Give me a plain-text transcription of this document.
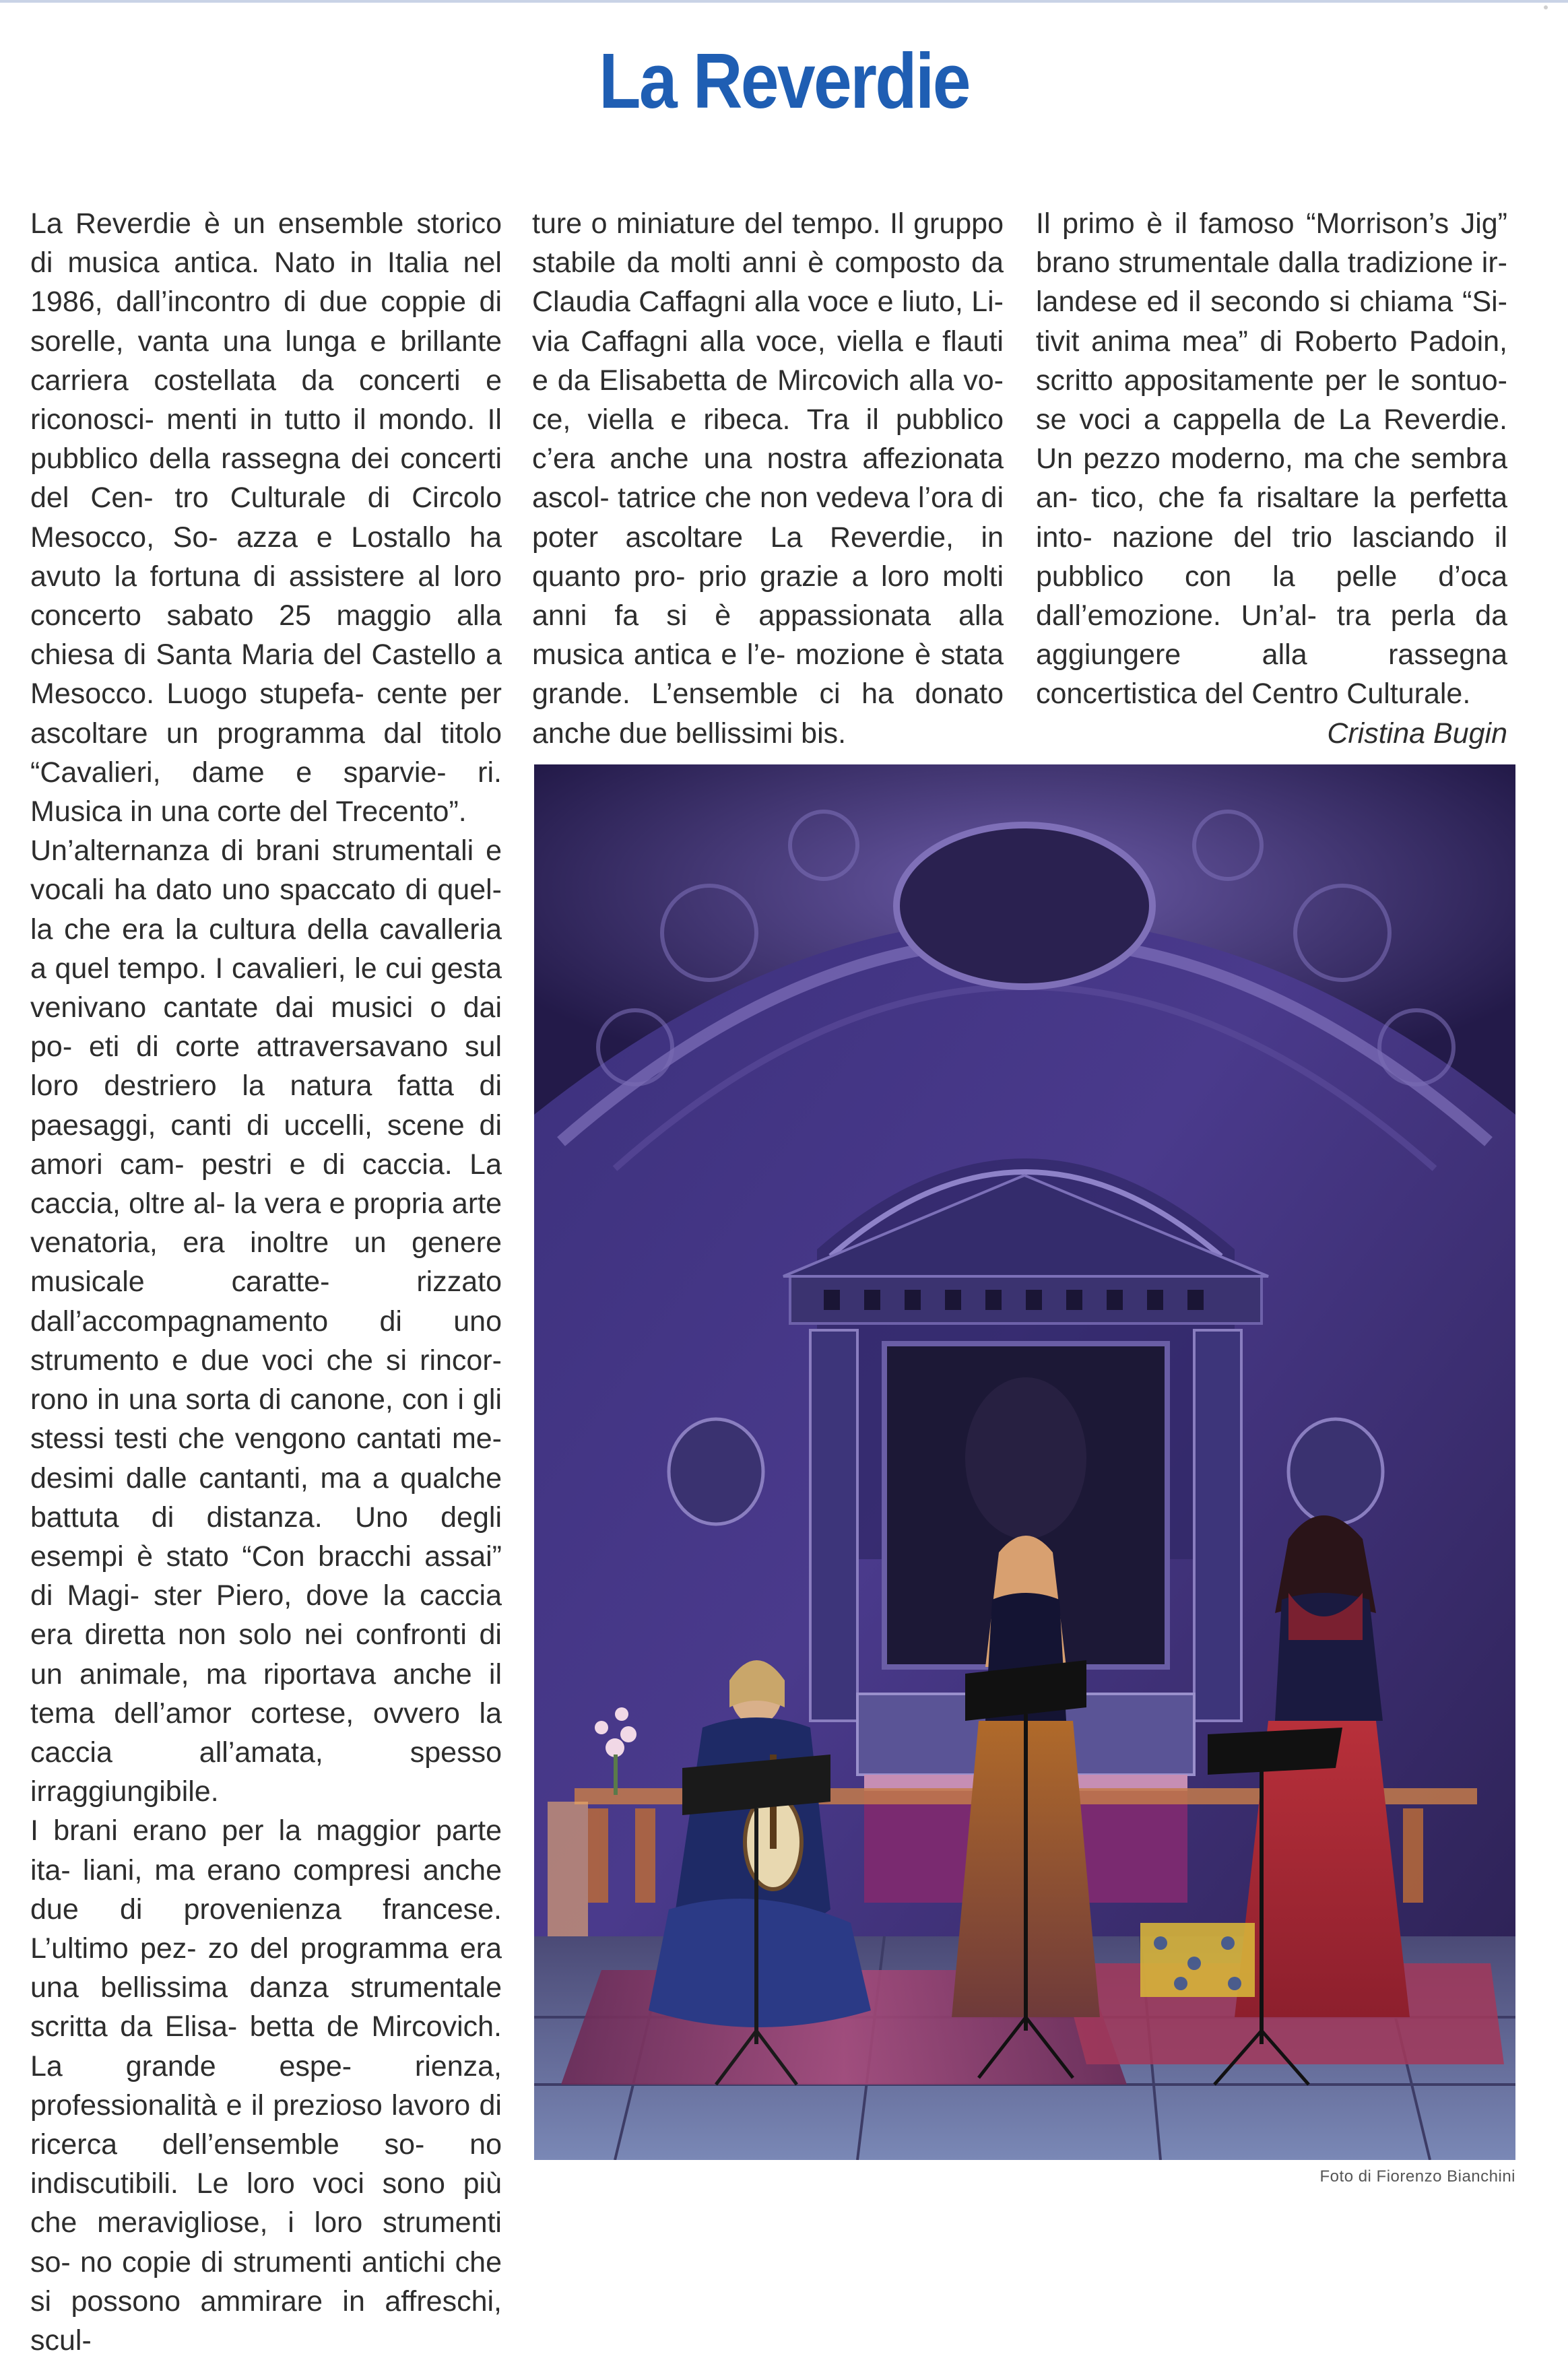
La Reverdie

La Reverdie è un ensemble storico di musica antica. Nato in Italia nel 1986, dall’incontro di due coppie di sorelle, vanta una lunga e brillante carriera costellata da concerti e riconosci- menti in tutto il mondo. Il pubblico della rassegna dei concerti del Cen- tro Culturale di Circolo Mesocco, So- azza e Lostallo ha avuto la fortuna di assistere al loro concerto sabato 25 maggio alla chiesa di Santa Maria del Castello a Mesocco. Luogo stupefa- cente per ascoltare un programma dal titolo “Cavalieri, dame e sparvie- ri. Musica in una corte del Trecento”.

Un’alternanza di brani strumentali e vocali ha dato uno spaccato di quel- la che era la cultura della cavalleria a quel tempo. I cavalieri, le cui gesta venivano cantate dai musici o dai po- eti di corte attraversavano sul loro destriero la natura fatta di paesaggi, canti di uccelli, scene di amori cam- pestri e di caccia. La caccia, oltre al- la vera e propria arte venatoria, era inoltre un genere musicale caratte- rizzato dall’accompagnamento di uno strumento e due voci che si rincor- rono in una sorta di canone, con i gli stessi testi che vengono cantati me- desimi dalle cantanti, ma a qualche battuta di distanza. Uno degli esempi è stato “Con bracchi assai” di Magi- ster Piero, dove la caccia era diretta non solo nei confronti di un animale, ma riportava anche il tema dell’amor cortese, ovvero la caccia all’amata, spesso irraggiungibile.

I brani erano per la maggior parte ita- liani, ma erano compresi anche due di provenienza francese. L’ultimo pez- zo del programma era una bellissima danza strumentale scritta da Elisa- betta de Mircovich. La grande espe- rienza, professionalità e il prezioso lavoro di ricerca dell’ensemble so- no indiscutibili. Le loro voci sono più che meravigliose, i loro strumenti so- no copie di strumenti antichi che si possono ammirare in affreschi, scul-

ture o miniature del tempo. Il gruppo stabile da molti anni è composto da Claudia Caffagni alla voce e liuto, Li- via Caffagni alla voce, viella e flauti e da Elisabetta de Mircovich alla vo- ce, viella e ribeca. Tra il pubblico c’era anche una nostra affezionata ascol- tatrice che non vedeva l’ora di poter ascoltare La Reverdie, in quanto pro- prio grazie a loro molti anni fa si è appassionata alla musica antica e l’e- mozione è stata grande. L’ensemble ci ha donato anche due bellissimi bis.

Il primo è il famoso “Morrison’s Jig” brano strumentale dalla tradizione ir- landese ed il secondo si chiama “Si- tivit anima mea” di Roberto Padoin, scritto appositamente per le sontuo- se voci a cappella de La Reverdie. Un pezzo moderno, ma che sembra an- tico, che fa risaltare la perfetta into- nazione del trio lasciando il pubblico con la pelle d’oca dall’emozione. Un’al- tra perla da aggiungere alla rassegna concertistica del Centro Culturale.

Cristina Bugin
Foto di Fiorenzo Bianchini
